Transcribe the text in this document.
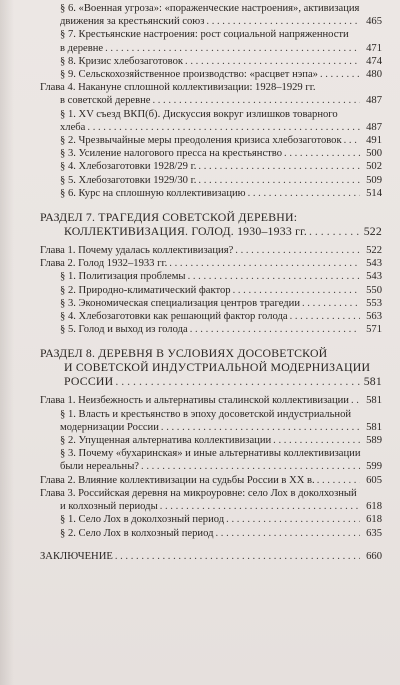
§ 6. «Военная угроза»: «пораженческие настроения», активизация
движения за крестьянский союз . . .	465
§ 7. Крестьянские настроения: рост социальной напряженности
в деревне . . .	471
§ 8. Кризис хлебозаготовок . . .	474
§ 9. Сельскохозяйственное производство: «расцвет нэпа» . . .	480
Глава 4. Накануне сплошной коллективизации: 1928–1929 гг.
в советской деревне . . .	487
§ 1. XV съезд ВКП(б). Дискуссия вокруг излишков товарного
хлеба . . .	487
§ 2. Чрезвычайные меры преодоления кризиса хлебозаготовок . . .	491
§ 3. Усиление налогового пресса на крестьянство . . .	500
§ 4. Хлебозаготовки 1928/29 г. . . .	502
§ 5. Хлебозаготовки 1929/30 г. . . .	509
§ 6. Курс на сплошную коллективизацию . . .	514
РАЗДЕЛ 7. ТРАГЕДИЯ СОВЕТСКОЙ ДЕРЕВНИ:
КОЛЛЕКТИВИЗАЦИЯ. ГОЛОД. 1930–1933 гг. . . .	522
Глава 1. Почему удалась коллективизация? . . .	522
Глава 2. Голод 1932–1933 гг. . . .	543
§ 1. Политизация проблемы . . .	543
§ 2. Природно-климатический фактор . . .	550
§ 3. Экономическая специализация центров трагедии . . .	553
§ 4. Хлебозаготовки как решающий фактор голода . . .	563
§ 5. Голод и выход из голода . . .	571
РАЗДЕЛ 8. ДЕРЕВНЯ В УСЛОВИЯХ ДОСОВЕТСКОЙ
И СОВЕТСКОЙ ИНДУСТРИАЛЬНОЙ МОДЕРНИЗАЦИИ
РОССИИ . . .	581
Глава 1. Неизбежность и альтернативы сталинской коллективизации . . .	581
§ 1. Власть и крестьянство в эпоху досоветской индустриальной
модернизации России . . .	581
§ 2. Упущенная альтернатива коллективизации . . .	589
§ 3. Почему «бухаринская» и иные альтернативы коллективизации
были нереальны? . . .	599
Глава 2. Влияние коллективизации на судьбы России в ХХ в. . . .	605
Глава 3. Российская деревня на микроуровне: село Лох в доколхозный
и колхозный периоды . . .	618
§ 1. Село Лох в доколхозный период . . .	618
§ 2. Село Лох в колхозный период . . .	635
ЗАКЛЮЧЕНИЕ . . .	660
